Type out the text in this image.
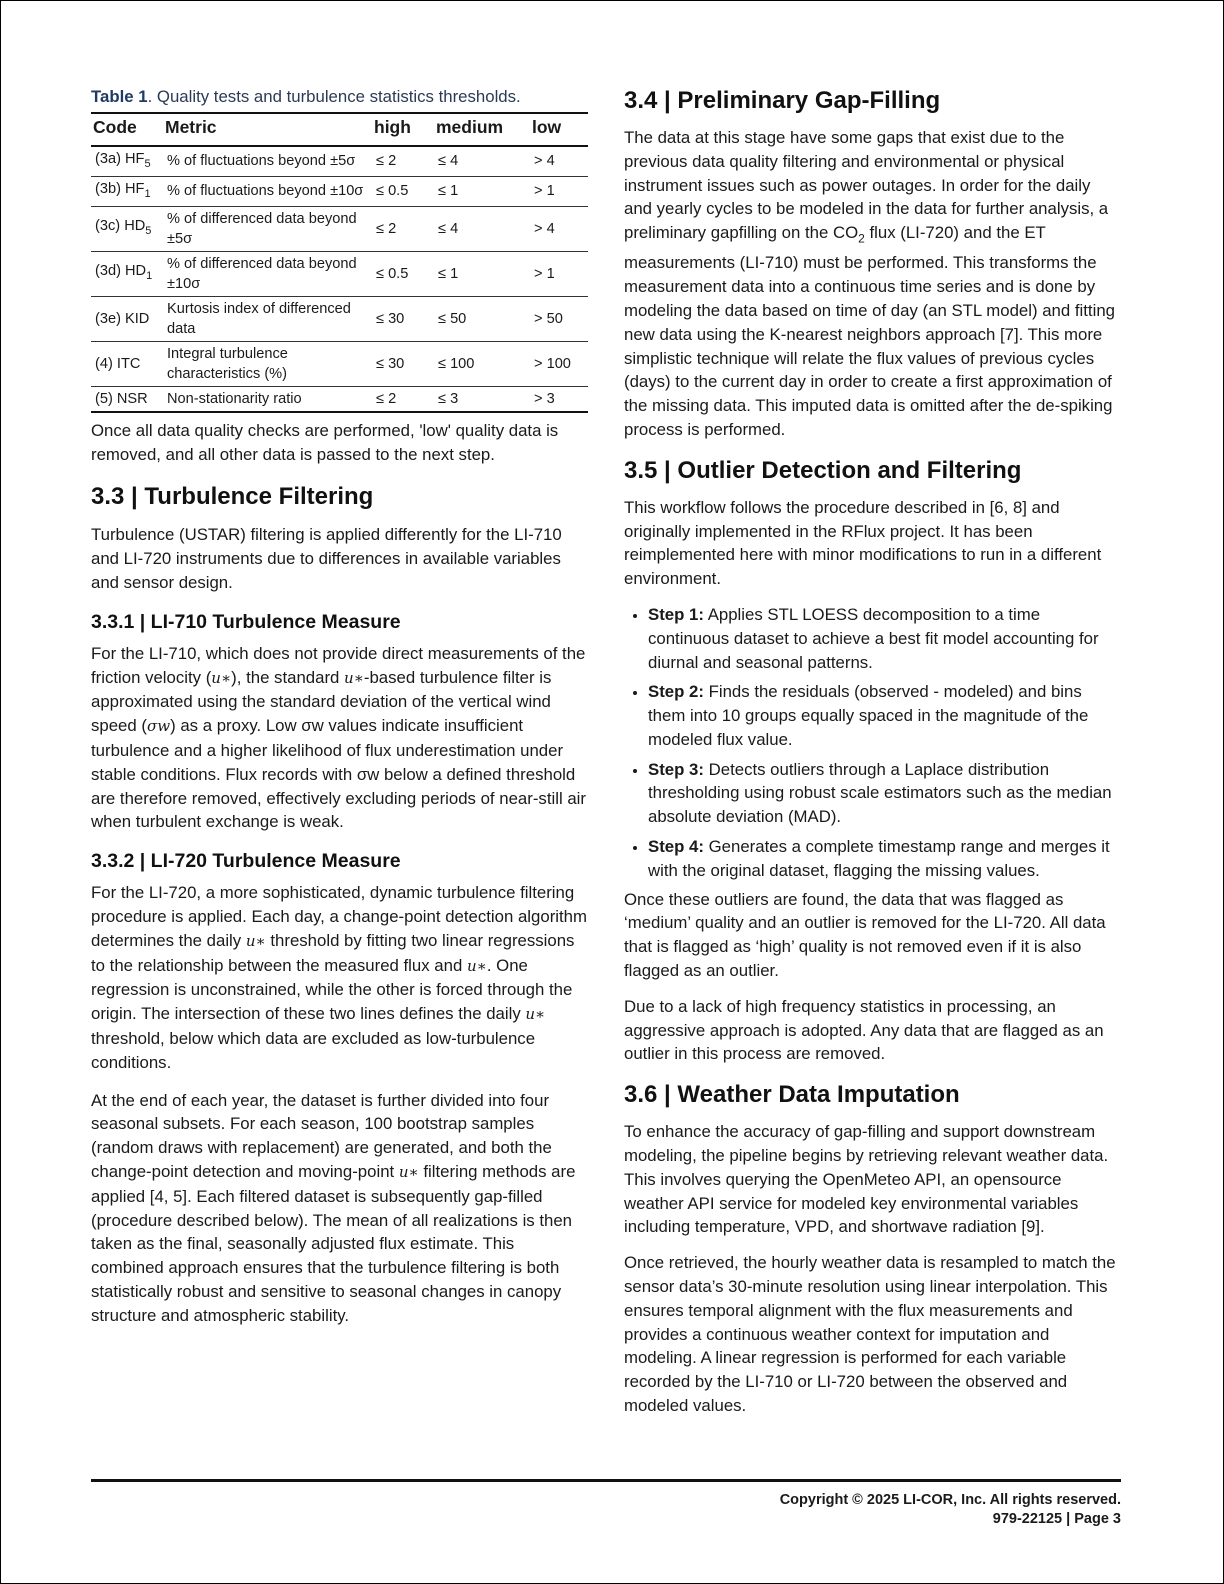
Table 1. Quality tests and turbulence statistics thresholds.

Code	Metric	high	medium	low
(3a) $HF_5$	% of fluctuations beyond ±5σ	≤ 2	≤ 4	> 4
(3b) $HF_1$	% of fluctuations beyond ±10σ	≤ 0.5	≤ 1	> 1
(3c) $HD_5$	% of differenced data beyond ±5σ	≤ 2	≤ 4	> 4
(3d) $HD_1$	% of differenced data beyond ±10σ	≤ 0.5	≤ 1	> 1
(3e) KID	Kurtosis index of differenced data	≤ 30	≤ 50	> 50
(4) ITC	Integral turbulence characteristics (%)	≤ 30	≤ 100	> 100
(5) NSR	Non-stationarity ratio	≤ 2	≤ 3	> 3

Once all data quality checks are performed, 'low' quality data is removed, and all other data is passed to the next step.

3.3 | Turbulence Filtering

Turbulence (USTAR) filtering is applied differently for the LI-710 and LI-720 instruments due to differences in available variables and sensor design.

3.3.1 | LI-710 Turbulence Measure

For the LI-710, which does not provide direct measurements of the friction velocity (u∗), the standard u∗-based turbulence filter is approximated using the standard deviation of the vertical wind speed (σw) as a proxy. Low σw values indicate insufficient turbulence and a higher likelihood of flux underestimation under stable conditions. Flux records with σw below a defined threshold are therefore removed, effectively excluding periods of near-still air when turbulent exchange is weak.

3.3.2 | LI-720 Turbulence Measure

For the LI-720, a more sophisticated, dynamic turbulence filtering procedure is applied. Each day, a change-point detection algorithm determines the daily u∗ threshold by fitting two linear regressions to the relationship between the measured flux and u∗. One regression is unconstrained, while the other is forced through the origin. The intersection of these two lines defines the daily u∗ threshold, below which data are excluded as low-turbulence conditions.

At the end of each year, the dataset is further divided into four seasonal subsets. For each season, 100 bootstrap samples (random draws with replacement) are generated, and both the change-point detection and moving-point u∗ filtering methods are applied [4, 5]. Each filtered dataset is subsequently gap-filled (procedure described below). The mean of all realizations is then taken as the final, seasonally adjusted flux estimate. This combined approach ensures that the turbulence filtering is both statistically robust and sensitive to seasonal changes in canopy structure and atmospheric stability.

3.4 | Preliminary Gap-Filling

The data at this stage have some gaps that exist due to the previous data quality filtering and environmental or physical instrument issues such as power outages. In order for the daily and yearly cycles to be modeled in the data for further analysis, a preliminary gapfilling on the $CO_2$ flux (LI-720) and the ET measurements (LI-710) must be performed. This transforms the measurement data into a continuous time series and is done by modeling the data based on time of day (an STL model) and fitting new data using the K-nearest neighbors approach [7]. This more simplistic technique will relate the flux values of previous cycles (days) to the current day in order to create a first approximation of the missing data. This imputed data is omitted after the de-spiking process is performed.

3.5 | Outlier Detection and Filtering

This workflow follows the procedure described in [6, 8] and originally implemented in the RFlux project. It has been reimplemented here with minor modifications to run in a different environment.

• Step 1: Applies STL LOESS decomposition to a time continuous dataset to achieve a best fit model accounting for diurnal and seasonal patterns.
• Step 2: Finds the residuals (observed - modeled) and bins them into 10 groups equally spaced in the magnitude of the modeled flux value.
• Step 3: Detects outliers through a Laplace distribution thresholding using robust scale estimators such as the median absolute deviation (MAD).
• Step 4: Generates a complete timestamp range and merges it with the original dataset, flagging the missing values.

Once these outliers are found, the data that was flagged as ‘medium’ quality and an outlier is removed for the LI-720. All data that is flagged as ‘high’ quality is not removed even if it is also flagged as an outlier.

Due to a lack of high frequency statistics in processing, an aggressive approach is adopted. Any data that are flagged as an outlier in this process are removed.

3.6 | Weather Data Imputation

To enhance the accuracy of gap-filling and support downstream modeling, the pipeline begins by retrieving relevant weather data. This involves querying the OpenMeteo API, an opensource weather API service for modeled key environmental variables including temperature, VPD, and shortwave radiation [9].

Once retrieved, the hourly weather data is resampled to match the sensor data’s 30-minute resolution using linear interpolation. This ensures temporal alignment with the flux measurements and provides a continuous weather context for imputation and modeling. A linear regression is performed for each variable recorded by the LI-710 or LI-720 between the observed and modeled values.

Copyright © 2025 LI-COR, Inc. All rights reserved.
979-22125 | Page 3
